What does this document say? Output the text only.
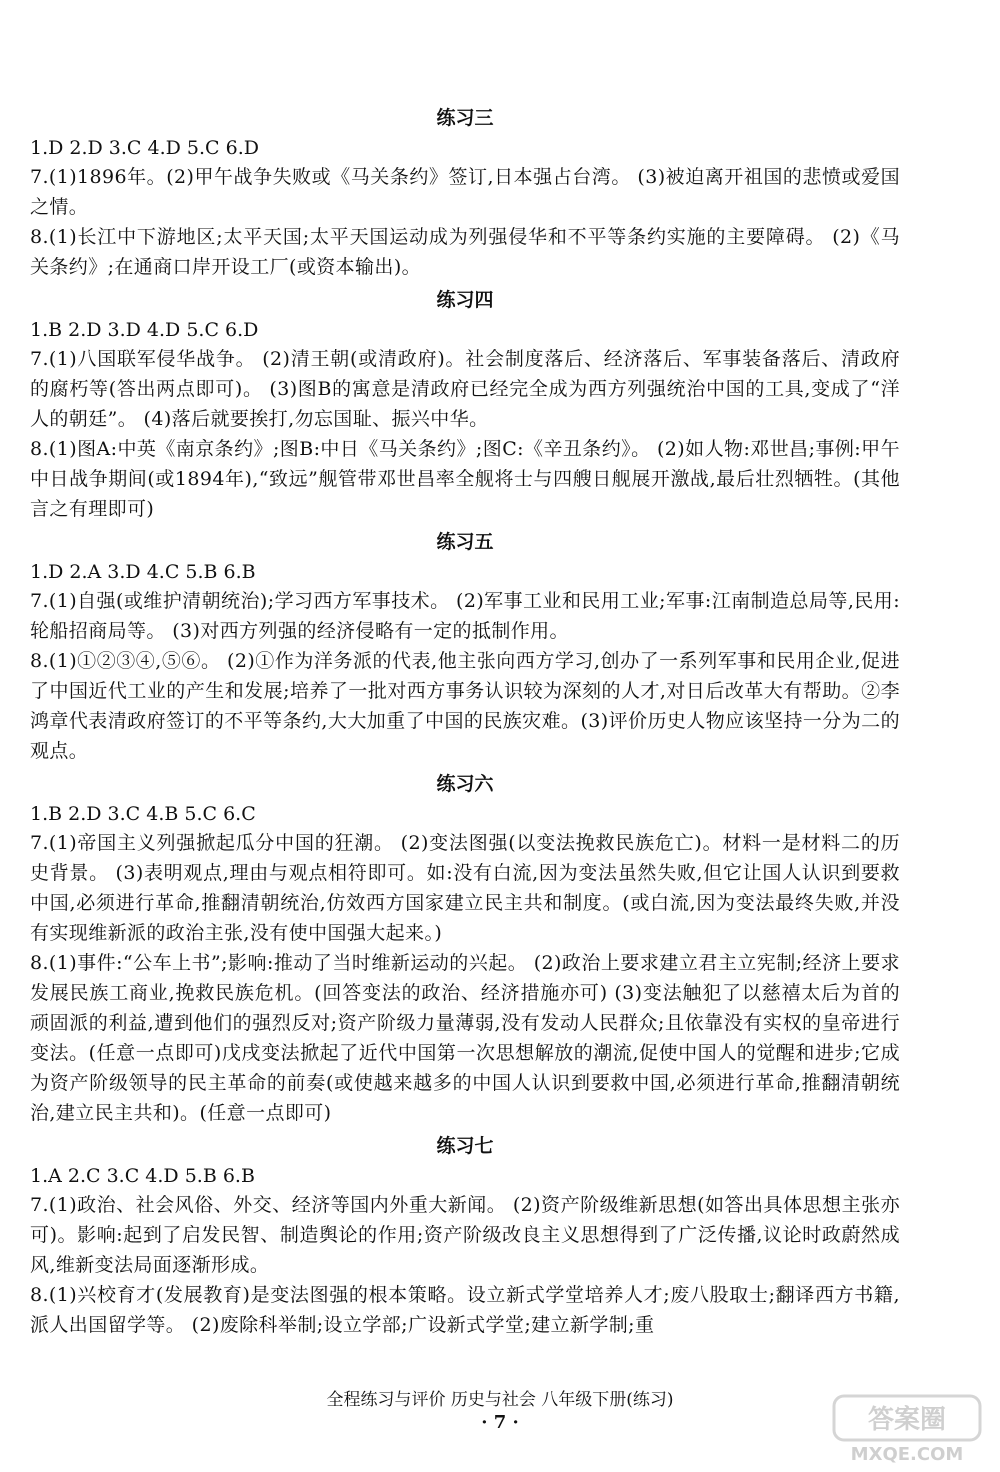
练习三

1.D 2.D 3.C 4.D 5.C 6.D

7.(1)1896年。(2)甲午战争失败或《马关条约》签订,日本强占台湾。 (3)被迫离开祖国的悲愤或爱国之情。

8.(1)长江中下游地区;太平天国;太平天国运动成为列强侵华和不平等条约实施的主要障碍。 (2)《马关条约》;在通商口岸开设工厂(或资本输出)。

练习四

1.B 2.D 3.D 4.D 5.C 6.D

7.(1)八国联军侵华战争。 (2)清王朝(或清政府)。社会制度落后、经济落后、军事装备落后、清政府的腐朽等(答出两点即可)。 (3)图B的寓意是清政府已经完全成为西方列强统治中国的工具,变成了“洋人的朝廷”。 (4)落后就要挨打,勿忘国耻、振兴中华。

8.(1)图A:中英《南京条约》;图B:中日《马关条约》;图C:《辛丑条约》。 (2)如人物:邓世昌;事例:甲午中日战争期间(或1894年),“致远”舰管带邓世昌率全舰将士与四艘日舰展开激战,最后壮烈牺牲。(其他言之有理即可)

练习五

1.D 2.A 3.D 4.C 5.B 6.B

7.(1)自强(或维护清朝统治);学习西方军事技术。 (2)军事工业和民用工业;军事:江南制造总局等,民用:轮船招商局等。 (3)对西方列强的经济侵略有一定的抵制作用。

8.(1)①②③④,⑤⑥。 (2)①作为洋务派的代表,他主张向西方学习,创办了一系列军事和民用企业,促进了中国近代工业的产生和发展;培养了一批对西方事务认识较为深刻的人才,对日后改革大有帮助。②李鸿章代表清政府签订的不平等条约,大大加重了中国的民族灾难。(3)评价历史人物应该坚持一分为二的观点。

练习六

1.B 2.D 3.C 4.B 5.C 6.C

7.(1)帝国主义列强掀起瓜分中国的狂潮。 (2)变法图强(以变法挽救民族危亡)。材料一是材料二的历史背景。 (3)表明观点,理由与观点相符即可。如:没有白流,因为变法虽然失败,但它让国人认识到要救中国,必须进行革命,推翻清朝统治,仿效西方国家建立民主共和制度。(或白流,因为变法最终失败,并没有实现维新派的政治主张,没有使中国强大起来。)

8.(1)事件:“公车上书”;影响:推动了当时维新运动的兴起。 (2)政治上要求建立君主立宪制;经济上要求发展民族工商业,挽救民族危机。(回答变法的政治、经济措施亦可) (3)变法触犯了以慈禧太后为首的顽固派的利益,遭到他们的强烈反对;资产阶级力量薄弱,没有发动人民群众;且依靠没有实权的皇帝进行变法。(任意一点即可)戊戌变法掀起了近代中国第一次思想解放的潮流,促使中国人的觉醒和进步;它成为资产阶级领导的民主革命的前奏(或使越来越多的中国人认识到要救中国,必须进行革命,推翻清朝统治,建立民主共和)。(任意一点即可)

练习七

1.A 2.C 3.C 4.D 5.B 6.B

7.(1)政治、社会风俗、外交、经济等国内外重大新闻。 (2)资产阶级维新思想(如答出具体思想主张亦可)。影响:起到了启发民智、制造舆论的作用;资产阶级改良主义思想得到了广泛传播,议论时政蔚然成风,维新变法局面逐渐形成。

8.(1)兴校育才(发展教育)是变法图强的根本策略。设立新式学堂培养人才;废八股取士;翻译西方书籍,派人出国留学等。 (2)废除科举制;设立学部;广设新式学堂;建立新学制;重

全程练习与评价 历史与社会 八年级下册(练习)
· 7 ·	答案圈
MXQE.COM
